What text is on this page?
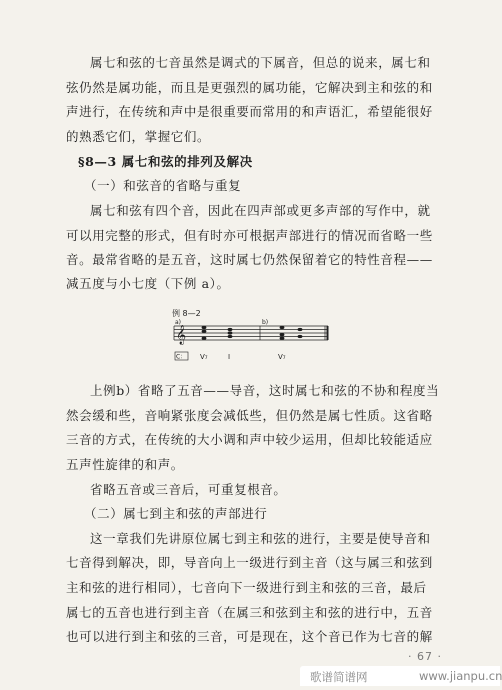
属七和弦的七音虽然是调式的下属音，但总的说来，属七和
弦仍然是属功能，而且是更强烈的属功能，它解决到主和弦的和
声进行，在传统和声中是很重要而常用的和声语汇，希望能很好
的熟悉它们，掌握它们。
§8—3 属七和弦的排列及解决
（一）和弦音的省略与重复
属七和弦有四个音，因此在四声部或更多声部的写作中，就
可以用完整的形式，但有时亦可根据声部进行的情况而省略一些
音。最常省略的是五音，这时属七仍然保留着它的特性音程——
减五度与小七度（下例 a）。
例 8—2
a)	b)
𝄞
C： V₇	I	V₇
上例b）省略了五音——导音，这时属七和弦的不协和程度当
然会缓和些，音响紧张度会减低些，但仍然是属七性质。这省略
三音的方式，在传统的大小调和声中较少运用，但却比较能适应
五声性旋律的和声。
省略五音或三音后，可重复根音。
（二）属七到主和弦的声部进行
这一章我们先讲原位属七到主和弦的进行，主要是使导音和
七音得到解决，即，导音向上一级进行到主音（这与属三和弦到
主和弦的进行相同），七音向下一级进行到主和弦的三音，最后
属七的五音也进行到主音（在属三和弦到主和弦的进行中，五音
也可以进行到主和弦的三音，可是现在，这个音已作为七音的解
· 67 ·
歌谱简谱网	www.jianpu.cn
